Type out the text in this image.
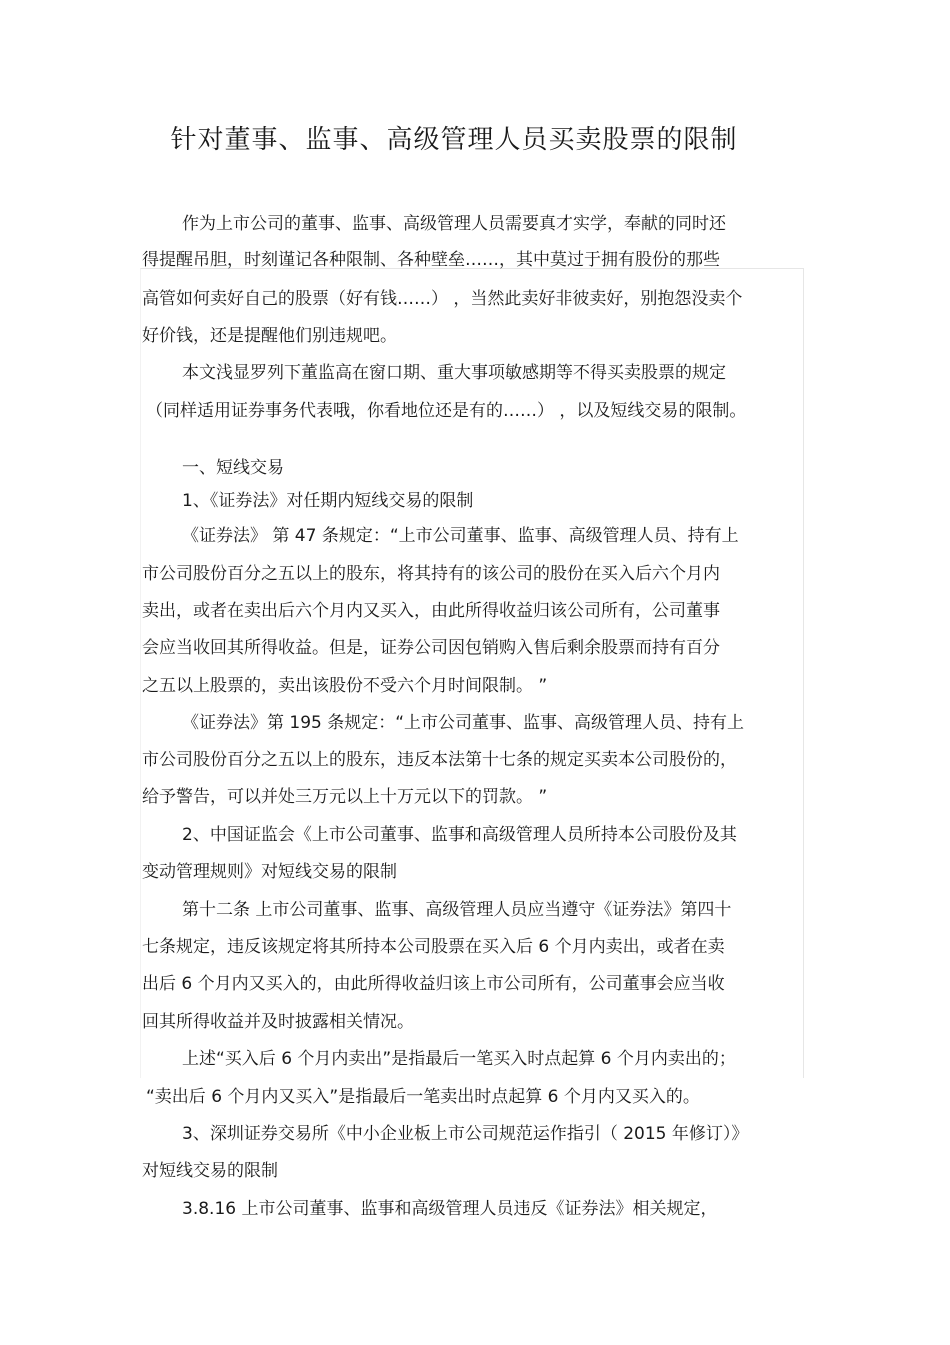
针对董事、监事、高级管理人员买卖股票的限制
作为上市公司的董事、监事、高级管理人员需要真才实学，奉献的同时还
得提醒吊胆，时刻谨记各种限制、各种壁垒……，其中莫过于拥有股份的那些
高管如何卖好自己的股票（好有钱……） ，当然此卖好非彼卖好，别抱怨没卖个
好价钱，还是提醒他们别违规吧。
本文浅显罗列下董监高在窗口期、重大事项敏感期等不得买卖股票的规定
（同样适用证券事务代表哦，你看地位还是有的……） ，以及短线交易的限制。
一、短线交易
1、《证券法》对任期内短线交易的限制
《证券法》 第 47 条规定：“上市公司董事、监事、高级管理人员、持有上
市公司股份百分之五以上的股东，将其持有的该公司的股份在买入后六个月内
卖出，或者在卖出后六个月内又买入，由此所得收益归该公司所有，公司董事
会应当收回其所得收益。但是，证券公司因包销购入售后剩余股票而持有百分
之五以上股票的，卖出该股份不受六个月时间限制。 ”
《证券法》第 195 条规定：“上市公司董事、监事、高级管理人员、持有上
市公司股份百分之五以上的股东，违反本法第十七条的规定买卖本公司股份的，
给予警告，可以并处三万元以上十万元以下的罚款。 ”
2、中国证监会《上市公司董事、监事和高级管理人员所持本公司股份及其
变动管理规则》对短线交易的限制
第十二条 上市公司董事、监事、高级管理人员应当遵守《证券法》第四十
七条规定，违反该规定将其所持本公司股票在买入后 6 个月内卖出，或者在卖
出后 6 个月内又买入的，由此所得收益归该上市公司所有，公司董事会应当收
回其所得收益并及时披露相关情况。
上述“买入后 6 个月内卖出”是指最后一笔买入时点起算 6 个月内卖出的；
“卖出后 6 个月内又买入”是指最后一笔卖出时点起算 6 个月内又买入的。
3、深圳证券交易所《中小企业板上市公司规范运作指引（ 2015 年修订）》
对短线交易的限制
3.8.16 上市公司董事、监事和高级管理人员违反《证券法》相关规定，
